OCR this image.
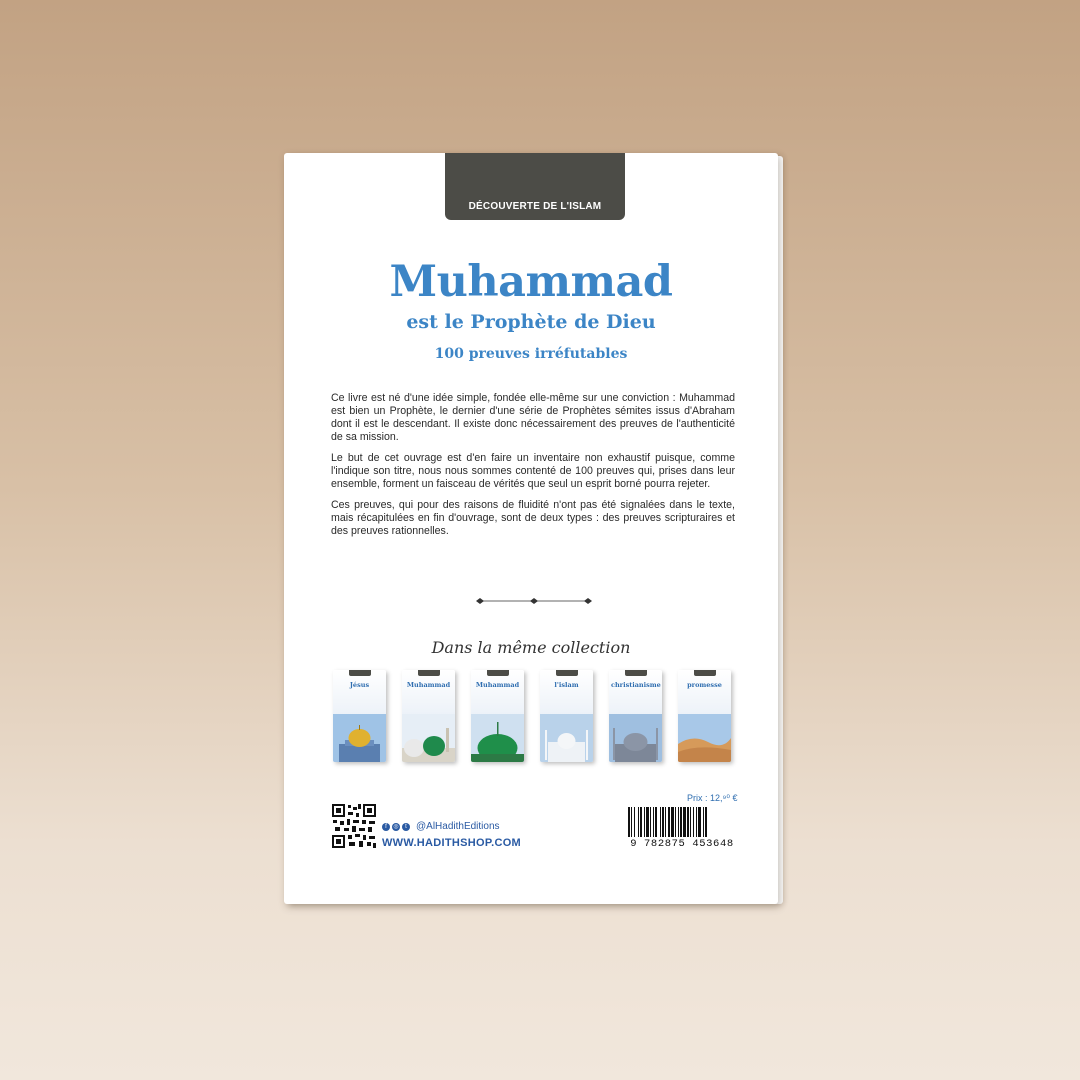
DÉCOUVERTE DE L'ISLAM
Muhammad
est le Prophète de Dieu
100 preuves irréfutables

Ce livre est né d'une idée simple, fondée elle-même sur une conviction : Muhammad est bien un Prophète, le dernier d'une série de Prophètes sémites issus d'Abraham dont il est le descendant. Il existe donc nécessairement des preuves de l'authenticité de sa mission.

Le but de cet ouvrage est d'en faire un inventaire non exhaustif puisque, comme l'indique son titre, nous nous sommes contenté de 100 preuves qui, prises dans leur ensemble, forment un faisceau de vérités que seul un esprit borné pourra rejeter.

Ces preuves, qui pour des raisons de fluidité n'ont pas été signalées dans le texte, mais récapitulées en fin d'ouvrage, sont de deux types : des preuves scripturaires et des preuves rationnelles.

Dans la même collection
Jésus	Muhammad	Muhammad	l'islam	christianisme	promesse
f	◎	t @AlHadithEditions
WWW.HADITHSHOP.COM
Prix : 12,⁹⁰ €
9 782875 453648
